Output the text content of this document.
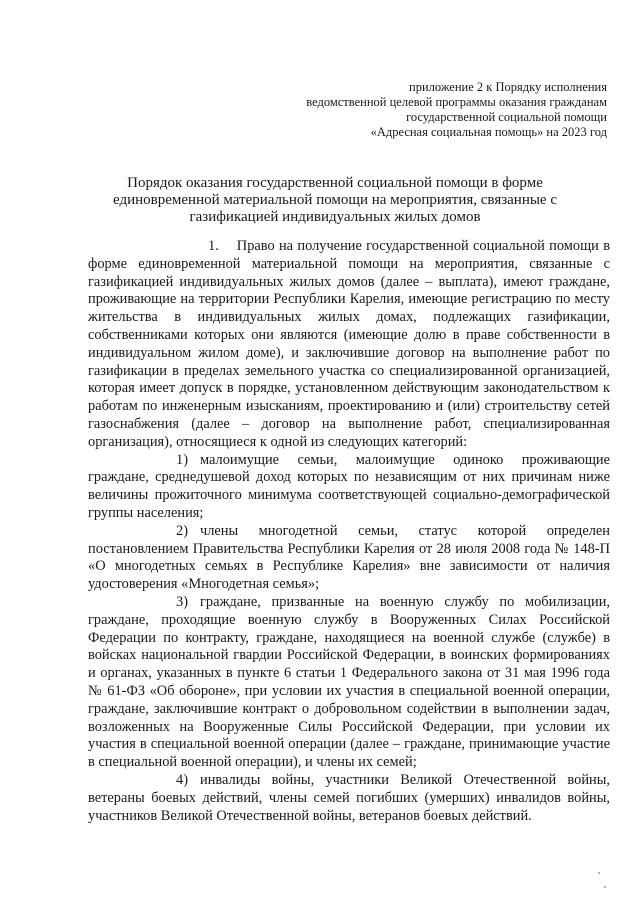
приложение 2 к Порядку исполнения
ведомственной целевой программы оказания гражданам
государственной социальной помощи
«Адресная социальная помощь» на 2023 год
Порядок оказания государственной социальной помощи в форме
единовременной материальной помощи на мероприятия, связанные с
газификацией индивидуальных жилых домов

1. Право на получение государственной социальной помощи в форме единовременной материальной помощи на мероприятия, связанные с газификацией индивидуальных жилых домов (далее – выплата), имеют граждане, проживающие на территории Республики Карелия, имеющие регистрацию по месту жительства в индивидуальных жилых домах, подлежащих газификации, собственниками которых они являются (имеющие долю в праве собственности в индивидуальном жилом доме), и заключившие договор на выполнение работ по газификации в пределах земельного участка со специализированной организацией, которая имеет допуск в порядке, установленном действующим законодательством к работам по инженерным изысканиям, проектированию и (или) строительству сетей газоснабжения (далее – договор на выполнение работ, специализированная организация), относящиеся к одной из следующих категорий:

1) малоимущие семьи, малоимущие одиноко проживающие граждане, среднедушевой доход которых по независящим от них причинам ниже величины прожиточного минимума соответствующей социально-демографической группы населения;

2) члены многодетной семьи, статус которой определен постановлением Правительства Республики Карелия от 28 июля 2008 года № 148-П «О многодетных семьях в Республике Карелия» вне зависимости от наличия удостоверения «Многодетная семья»;

3) граждане, призванные на военную службу по мобилизации, граждане, проходящие военную службу в Вооруженных Силах Российской Федерации по контракту, граждане, находящиеся на военной службе (службе) в войсках национальной гвардии Российской Федерации, в воинских формированиях и органах, указанных в пункте 6 статьи 1 Федерального закона от 31 мая 1996 года № 61-ФЗ «Об обороне», при условии их участия в специальной военной операции, граждане, заключившие контракт о добровольном содействии в выполнении задач, возложенных на Вооруженные Силы Российской Федерации, при условии их участия в специальной военной операции (далее – граждане, принимающие участие в специальной военной операции), и члены их семей;

4) инвалиды войны, участники Великой Отечественной войны, ветераны боевых действий, члены семей погибших (умерших) инвалидов войны, участников Великой Отечественной войны, ветеранов боевых действий.
